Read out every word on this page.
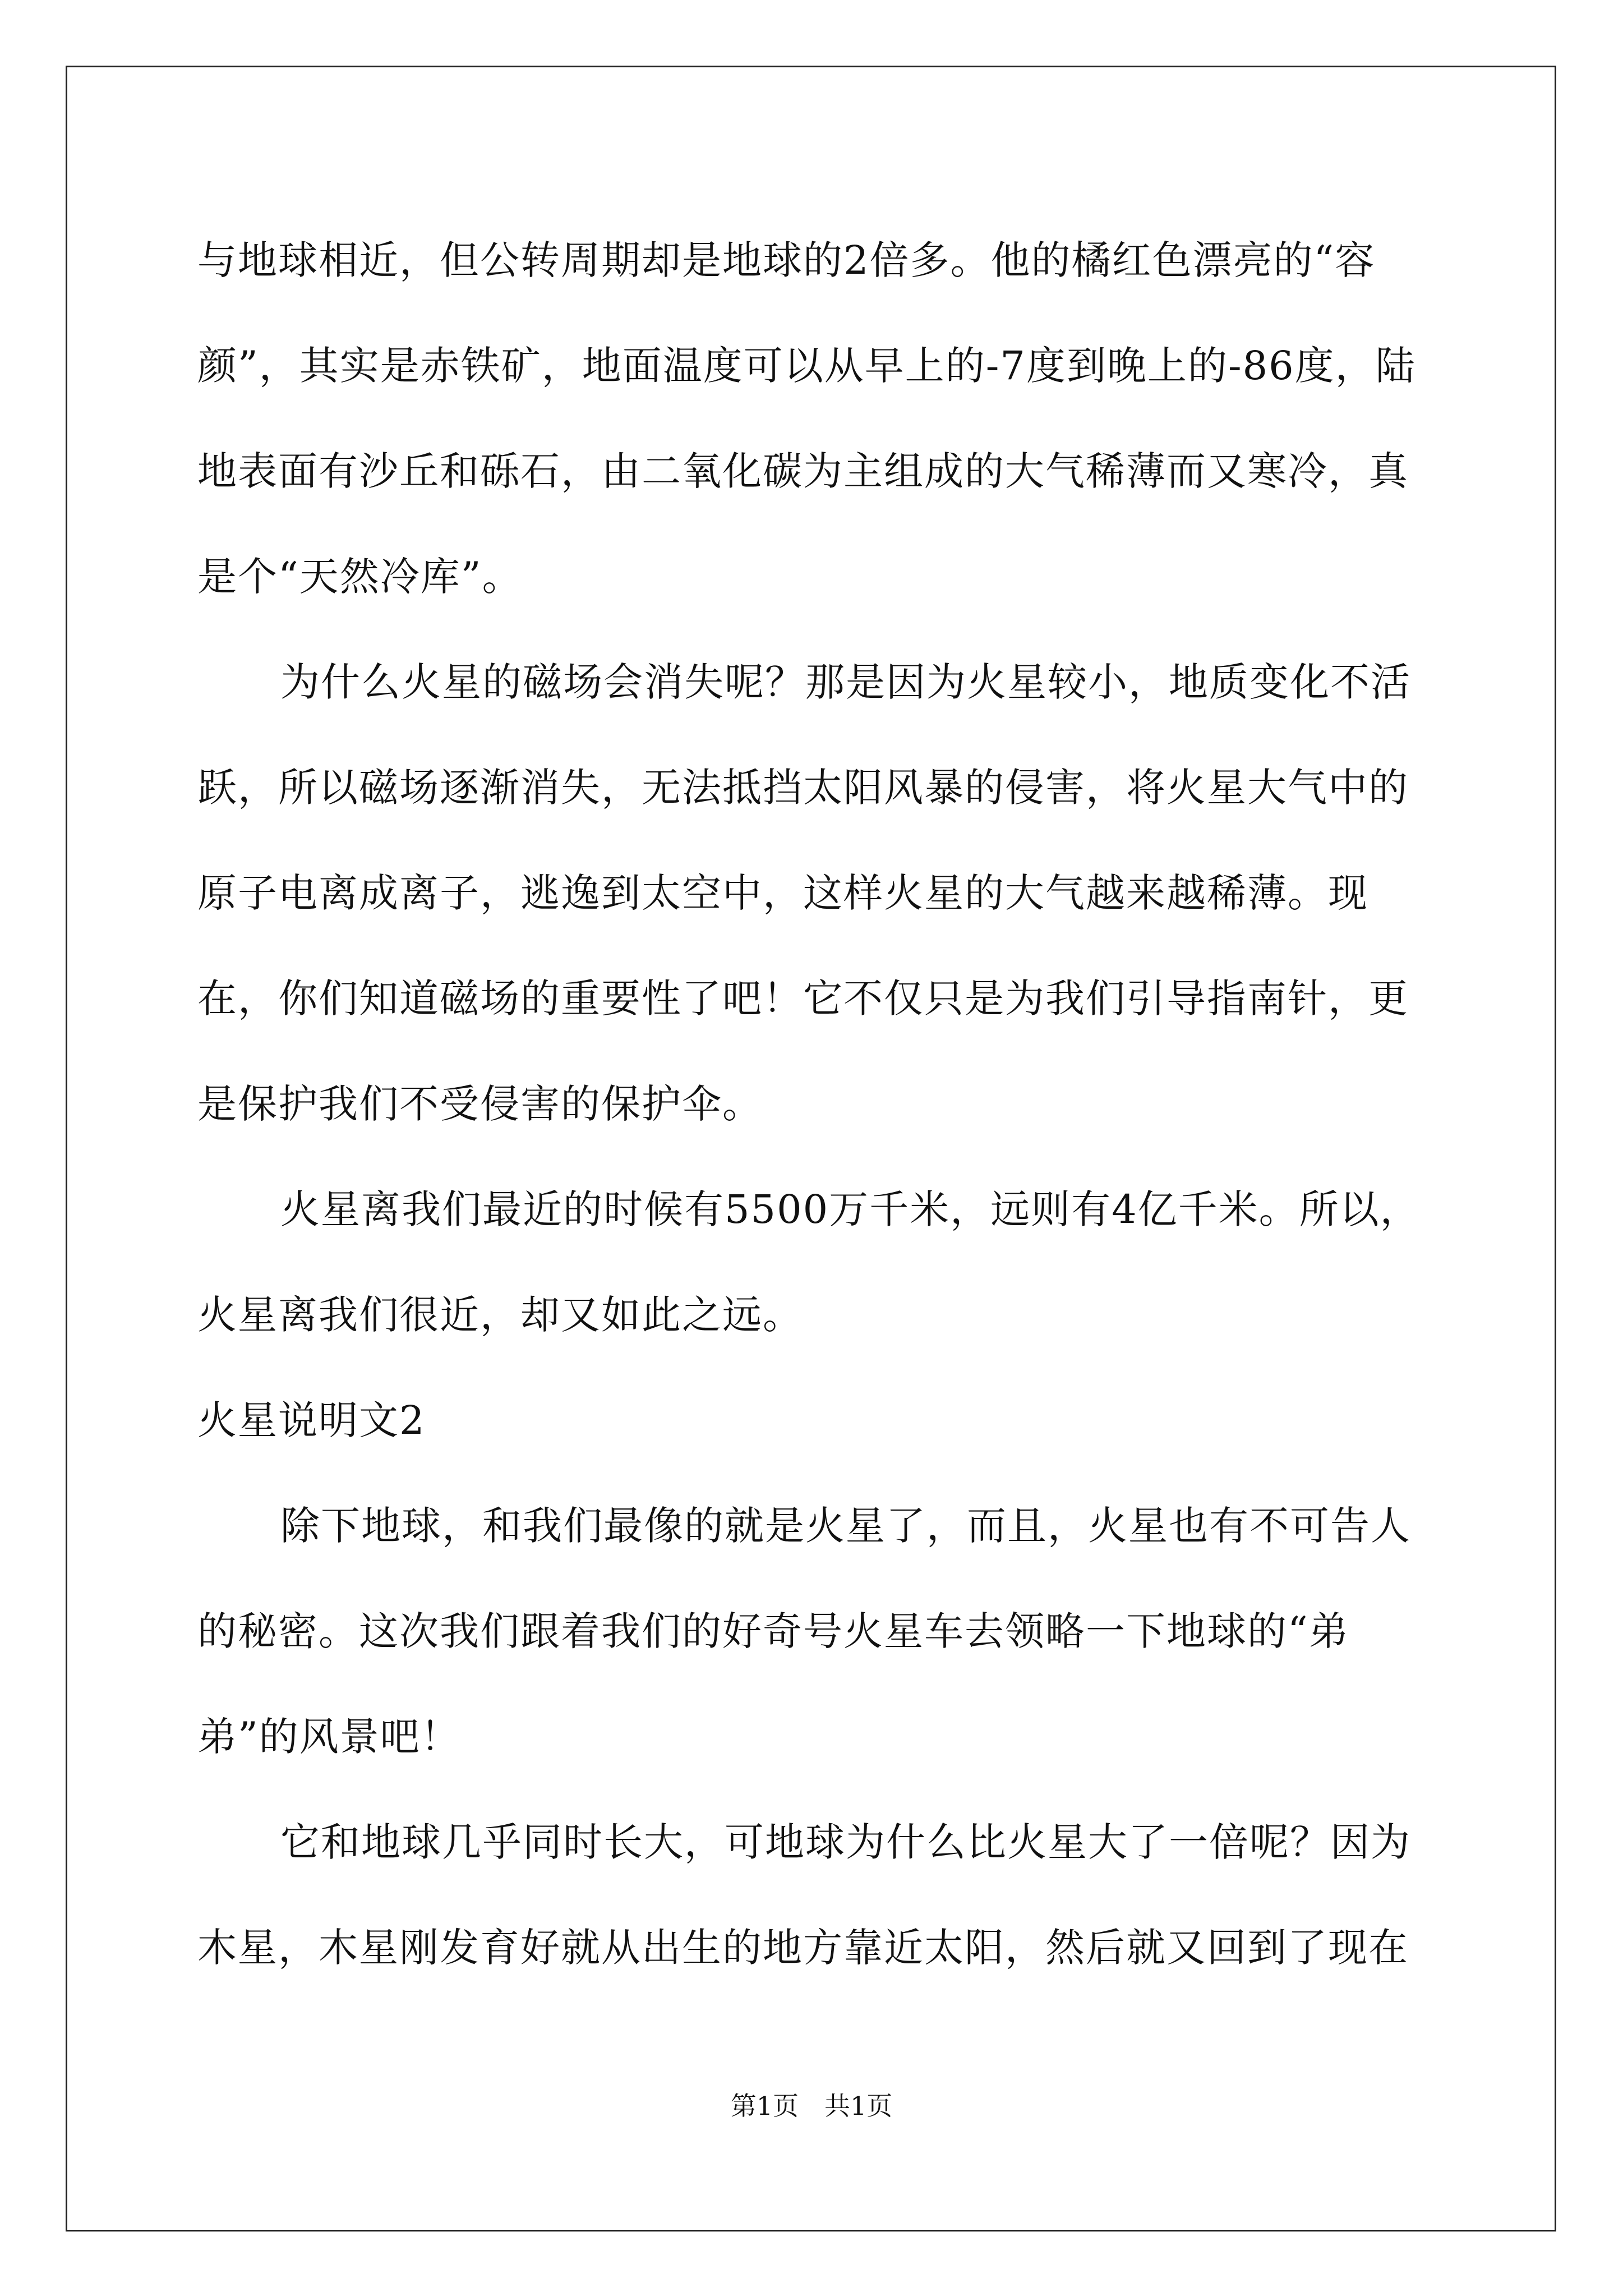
与地球相近，但公转周期却是地球的2倍多。他的橘红色漂亮的“容颜”，其实是赤铁矿，地面温度可以从早上的-7度到晚上的-86度，陆地表面有沙丘和砾石，由二氧化碳为主组成的大气稀薄而又寒冷，真是个“天然冷库”。

为什么火星的磁场会消失呢？那是因为火星较小，地质变化不活跃，所以磁场逐渐消失，无法抵挡太阳风暴的侵害，将火星大气中的原子电离成离子，逃逸到太空中，这样火星的大气越来越稀薄。现在，你们知道磁场的重要性了吧！它不仅只是为我们引导指南针，更是保护我们不受侵害的保护伞。

火星离我们最近的时候有5500万千米，远则有4亿千米。所以，火星离我们很近，却又如此之远。

火星说明文2

除下地球，和我们最像的就是火星了，而且，火星也有不可告人的秘密。这次我们跟着我们的好奇号火星车去领略一下地球的“弟弟”的风景吧！

它和地球几乎同时长大，可地球为什么比火星大了一倍呢？因为木星，木星刚发育好就从出生的地方靠近太阳，然后就又回到了现在

第1页　共1页
